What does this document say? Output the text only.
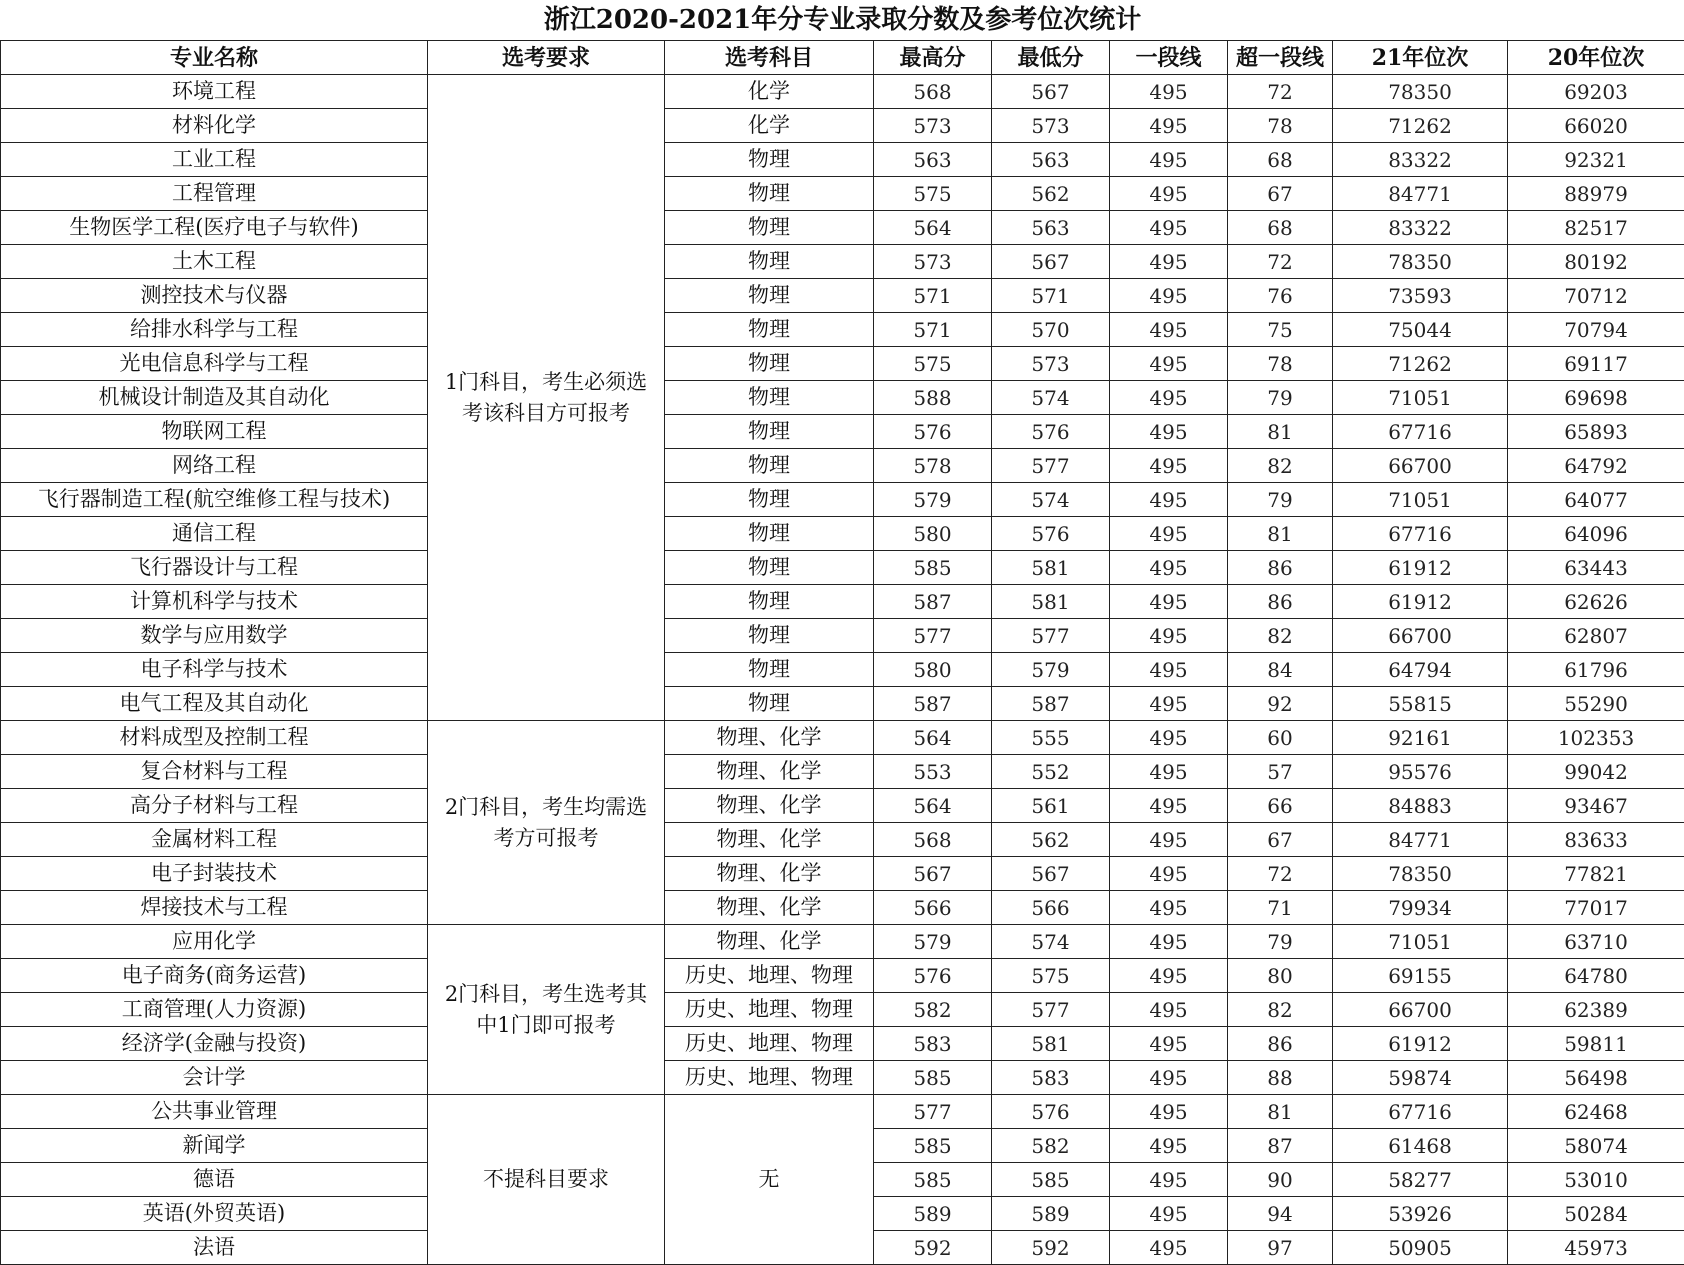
浙江2020-2021年分专业录取分数及参考位次统计								
专业名称	选考要求	选考科目	最高分	最低分	一段线	超一段线	21年位次	20年位次
环境工程	1门科目，考生必须选考该科目方可报考	化学	568	567	495	72	78350	69203
材料化学		化学	573	573	495	78	71262	66020
工业工程		物理	563	563	495	68	83322	92321
工程管理		物理	575	562	495	67	84771	88979
生物医学工程(医疗电子与软件)		物理	564	563	495	68	83322	82517
土木工程		物理	573	567	495	72	78350	80192
测控技术与仪器		物理	571	571	495	76	73593	70712
给排水科学与工程		物理	571	570	495	75	75044	70794
光电信息科学与工程		物理	575	573	495	78	71262	69117
机械设计制造及其自动化		物理	588	574	495	79	71051	69698
物联网工程		物理	576	576	495	81	67716	65893
网络工程		物理	578	577	495	82	66700	64792
飞行器制造工程(航空维修工程与技术)		物理	579	574	495	79	71051	64077
通信工程		物理	580	576	495	81	67716	64096
飞行器设计与工程		物理	585	581	495	86	61912	63443
计算机科学与技术		物理	587	581	495	86	61912	62626
数学与应用数学		物理	577	577	495	82	66700	62807
电子科学与技术		物理	580	579	495	84	64794	61796
电气工程及其自动化		物理	587	587	495	92	55815	55290
材料成型及控制工程	2门科目，考生均需选考方可报考	物理、化学	564	555	495	60	92161	102353
复合材料与工程		物理、化学	553	552	495	57	95576	99042
高分子材料与工程		物理、化学	564	561	495	66	84883	93467
金属材料工程		物理、化学	568	562	495	67	84771	83633
电子封装技术		物理、化学	567	567	495	72	78350	77821
焊接技术与工程		物理、化学	566	566	495	71	79934	77017
应用化学	2门科目，考生选考其中1门即可报考	物理、化学	579	574	495	79	71051	63710
电子商务(商务运营)		历史、地理、物理	576	575	495	80	69155	64780
工商管理(人力资源)		历史、地理、物理	582	577	495	82	66700	62389
经济学(金融与投资)		历史、地理、物理	583	581	495	86	61912	59811
会计学		历史、地理、物理	585	583	495	88	59874	56498
公共事业管理	不提科目要求	无	577	576	495	81	67716	62468
新闻学			585	582	495	87	61468	58074
德语			585	585	495	90	58277	53010
英语(外贸英语)			589	589	495	94	53926	50284
法语			592	592	495	97	50905	45973
